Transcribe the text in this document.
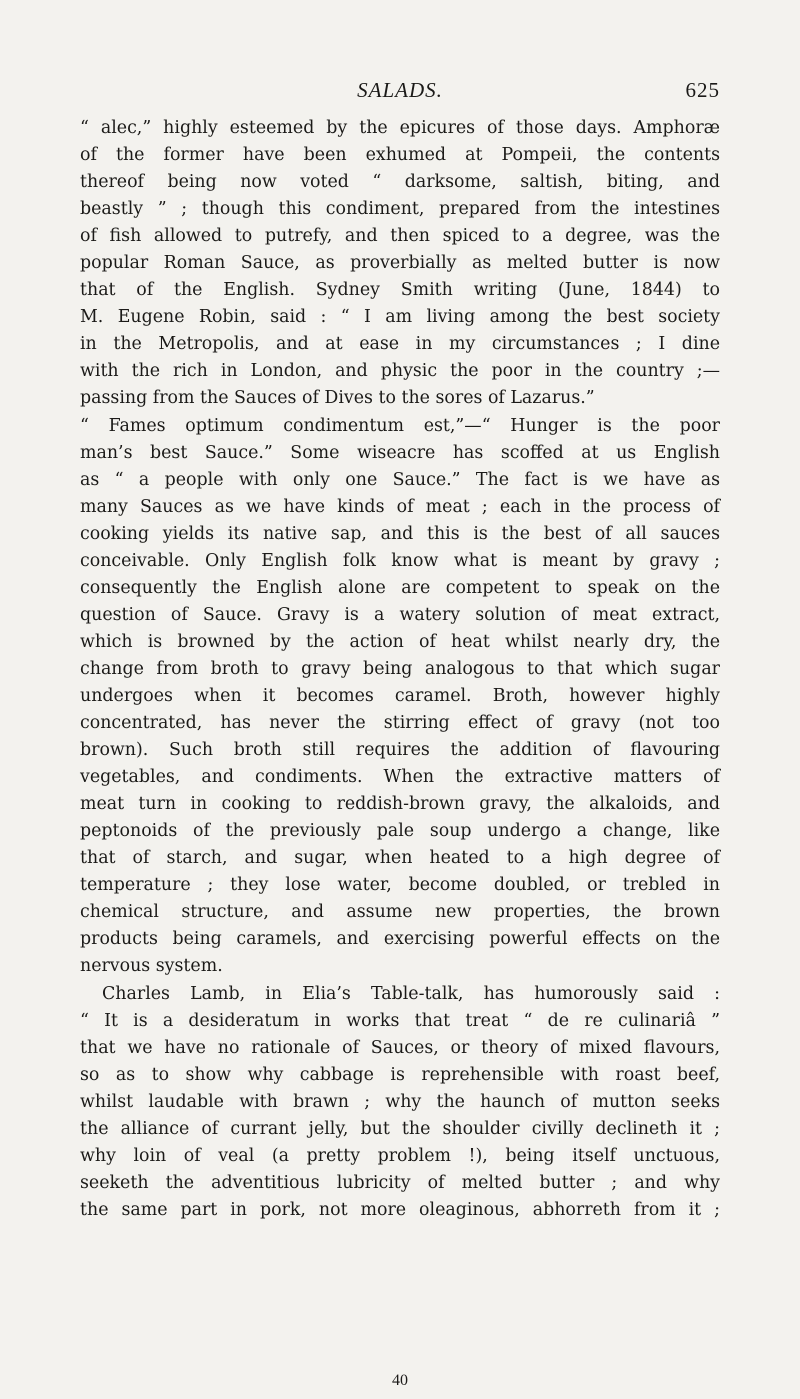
SALADS.	625
“ alec,” highly esteemed by the epicures of those days. Amphoræ
of the former have been exhumed at Pompeii, the contents
thereof being now voted “ darksome, saltish, biting, and
beastly ” ; though this condiment, prepared from the intestines
of fish allowed to putrefy, and then spiced to a degree, was the
popular Roman Sauce, as proverbially as melted butter is now
that of the English. Sydney Smith writing (June, 1844) to
M. Eugene Robin, said : “ I am living among the best society
in the Metropolis, and at ease in my circumstances ; I dine
with the rich in London, and physic the poor in the country ;—
passing from the Sauces of Dives to the sores of Lazarus.”
“ Fames optimum condimentum est,”—“ Hunger is the poor
man’s best Sauce.” Some wiseacre has scoffed at us English
as “ a people with only one Sauce.” The fact is we have as
many Sauces as we have kinds of meat ; each in the process of
cooking yields its native sap, and this is the best of all sauces
conceivable. Only English folk know what is meant by gravy ;
consequently the English alone are competent to speak on the
question of Sauce. Gravy is a watery solution of meat extract,
which is browned by the action of heat whilst nearly dry, the
change from broth to gravy being analogous to that which sugar
undergoes when it becomes caramel. Broth, however highly
concentrated, has never the stirring effect of gravy (not too
brown). Such broth still requires the addition of flavouring
vegetables, and condiments. When the extractive matters of
meat turn in cooking to reddish-brown gravy, the alkaloids, and
peptonoids of the previously pale soup undergo a change, like
that of starch, and sugar, when heated to a high degree of
temperature ; they lose water, become doubled, or trebled in
chemical structure, and assume new properties, the brown
products being caramels, and exercising powerful effects on the
nervous system.
Charles Lamb, in Elia’s Table-talk, has humorously said :
“ It is a desideratum in works that treat “ de re culinariâ ”
that we have no rationale of Sauces, or theory of mixed flavours,
so as to show why cabbage is reprehensible with roast beef,
whilst laudable with brawn ; why the haunch of mutton seeks
the alliance of currant jelly, but the shoulder civilly declineth it ;
why loin of veal (a pretty problem !), being itself unctuous,
seeketh the adventitious lubricity of melted butter ; and why
the same part in pork, not more oleaginous, abhorreth from it ;
40
